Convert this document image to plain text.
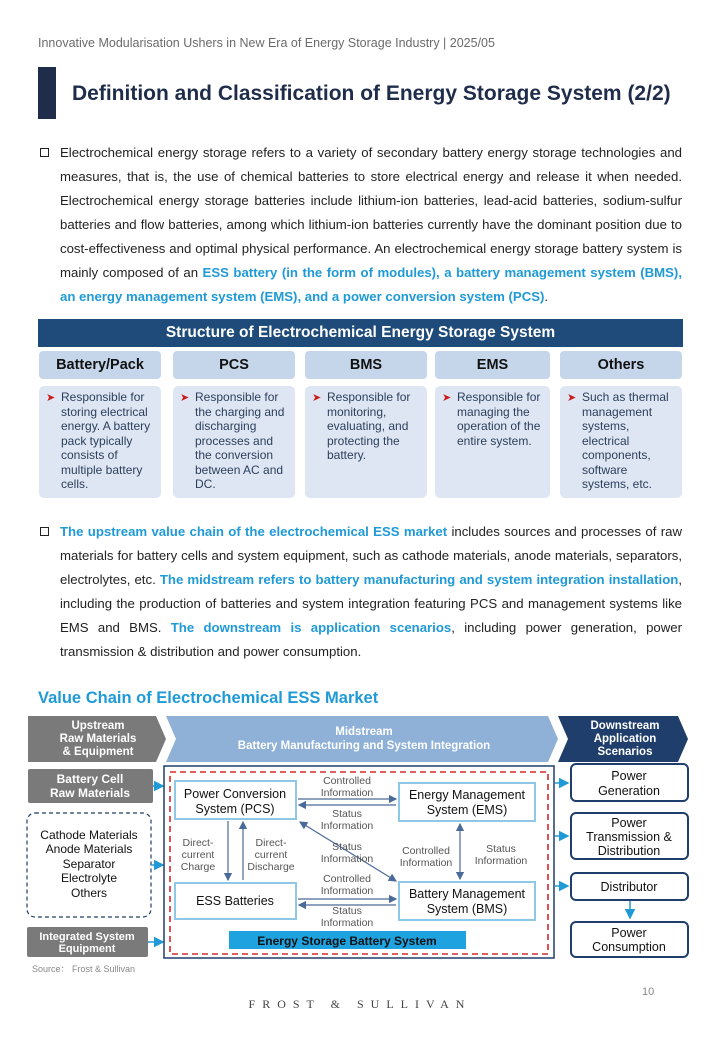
Innovative Modularisation Ushers in New Era of Energy Storage Industry | 2025/05
Definition and Classification of Energy Storage System (2/2)
Electrochemical energy storage refers to a variety of secondary battery energy storage technologies and measures, that is, the use of chemical batteries to store electrical energy and release it when needed. Electrochemical energy storage batteries include lithium-ion batteries, lead-acid batteries, sodium-sulfur batteries and flow batteries, among which lithium-ion batteries currently have the dominant position due to cost-effectiveness and optimal physical performance. An electrochemical energy storage battery system is mainly composed of an ESS battery (in the form of modules), a battery management system (BMS), an energy management system (EMS), and a power conversion system (PCS).
Structure of Electrochemical Energy Storage System
Battery/Pack	PCS	BMS	EMS	Others
➤ Responsible for storing electrical energy. A battery pack typically consists of multiple battery cells.
➤ Responsible for the charging and discharging processes and the conversion between AC and DC.
➤ Responsible for monitoring, evaluating, and protecting the battery.
➤ Responsible for managing the operation of the entire system.
➤ Such as thermal management systems, electrical components, software systems, etc.
The upstream value chain of the electrochemical ESS market includes sources and processes of raw materials for battery cells and system equipment, such as cathode materials, anode materials, separators, electrolytes, etc. The midstream refers to battery manufacturing and system integration installation, including the production of batteries and system integration featuring PCS and management systems like EMS and BMS. The downstream is application scenarios, including power generation, power transmission & distribution and power consumption.
Value Chain of Electrochemical ESS Market
Upstream
Raw Materials
& Equipment
Midstream
Battery Manufacturing and System Integration
Downstream
Application
Scenarios
Battery Cell
Raw Materials
Cathode Materials
Anode Materials
Separator
Electrolyte
Others
Integrated System
Equipment
Power Conversion
System (PCS)
Energy Management
System (EMS)
ESS Batteries	Battery Management
System (BMS)
Controlled
Information
Status
Information
Direct-
current
Charge
Direct-
current
Discharge
Status
Information
Controlled
Information
Status
Information
Controlled
Information
Status
Information
Energy Storage Battery System
Power
Generation
Power
Transmission &
Distribution
Distributor
Power
Consumption
Source： Frost & Sullivan
10
FROST & SULLIVAN
